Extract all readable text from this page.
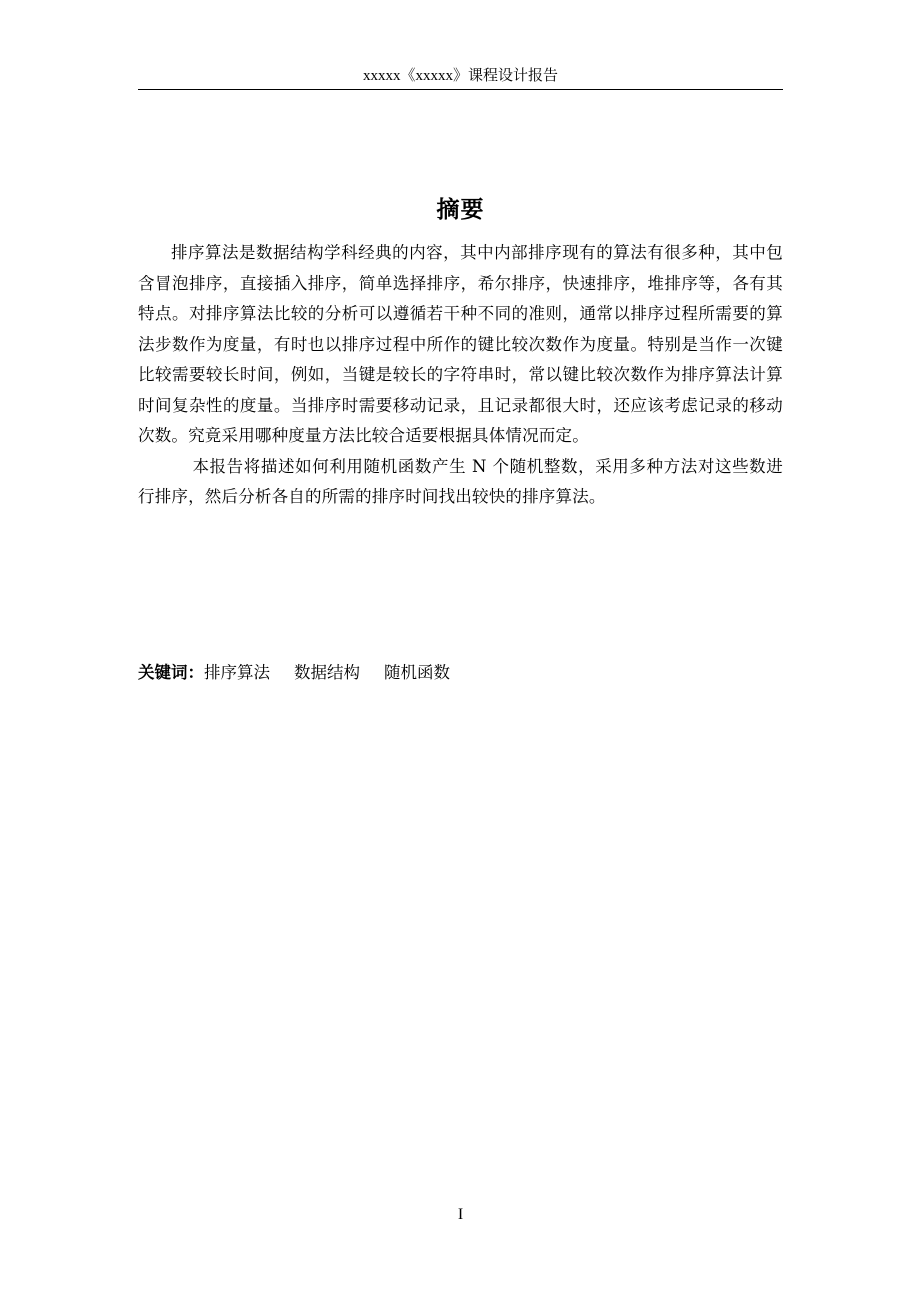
xxxxx《xxxxx》课程设计报告
摘要

排序算法是数据结构学科经典的内容，其中内部排序现有的算法有很多种，其中包含冒泡排序，直接插入排序，简单选择排序，希尔排序，快速排序，堆排序等，各有其特点。对排序算法比较的分析可以遵循若干种不同的准则，通常以排序过程所需要的算法步数作为度量，有时也以排序过程中所作的键比较次数作为度量。特别是当作一次键比较需要较长时间，例如，当键是较长的字符串时，常以键比较次数作为排序算法计算时间复杂性的度量。当排序时需要移动记录，且记录都很大时，还应该考虑记录的移动次数。究竟采用哪种度量方法比较合适要根据具体情况而定。

本报告将描述如何利用随机函数产生 N 个随机整数，采用多种方法对这些数进行排序，然后分析各自的所需的排序时间找出较快的排序算法。

关键词：排序算法 数据结构 随机函数
I
